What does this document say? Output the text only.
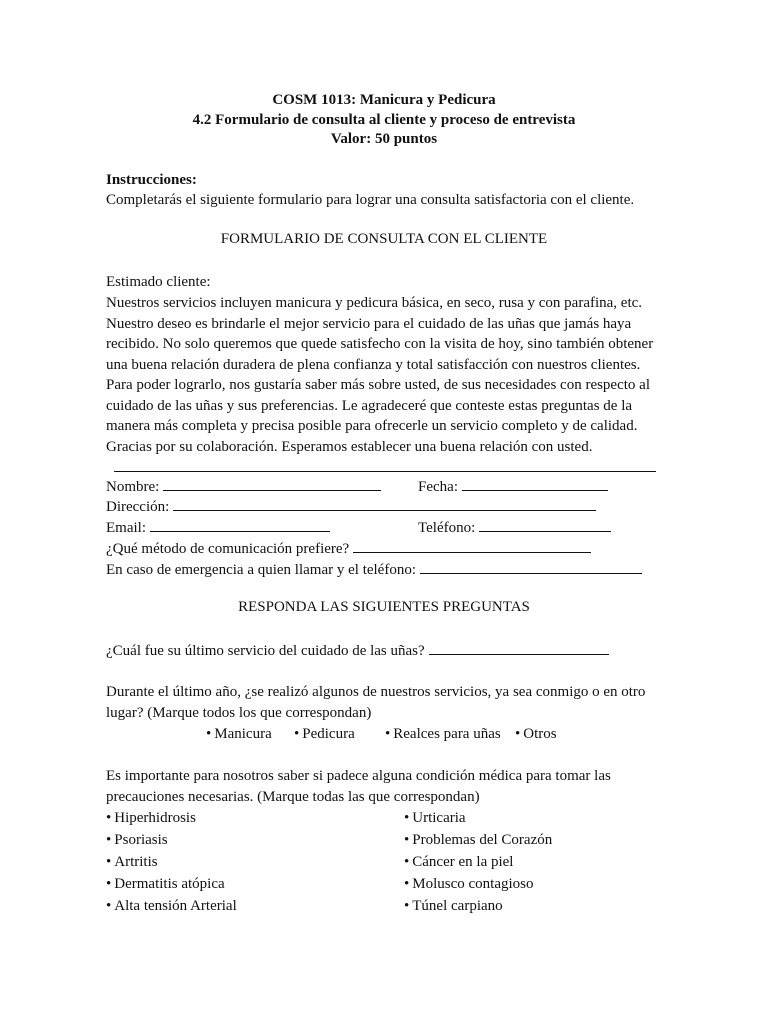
COSM 1013: Manicura y Pedicura
4.2 Formulario de consulta al cliente y proceso de entrevista
Valor: 50 puntos
Instrucciones:
Completarás el siguiente formulario para lograr una consulta satisfactoria con el cliente.
FORMULARIO DE CONSULTA CON EL CLIENTE
Estimado cliente:
Nuestros servicios incluyen manicura y pedicura básica, en seco, rusa y con parafina, etc.
Nuestro deseo es brindarle el mejor servicio para el cuidado de las uñas que jamás haya
recibido. No solo queremos que quede satisfecho con la visita de hoy, sino también obtener
una buena relación duradera de plena confianza y total satisfacción con nuestros clientes.
Para poder lograrlo, nos gustaría saber más sobre usted, de sus necesidades con respecto al
cuidado de las uñas y sus preferencias. Le agradeceré que conteste estas preguntas de la
manera más completa y precisa posible para ofrecerle un servicio completo y de calidad.
Gracias por su colaboración. Esperamos establecer una buena relación con usted.
Nombre:	Fecha:
Dirección:
Email:	Teléfono:
¿Qué método de comunicación prefiere?
En caso de emergencia a quien llamar y el teléfono:
RESPONDA LAS SIGUIENTES PREGUNTAS
¿Cuál fue su último servicio del cuidado de las uñas?
Durante el último año, ¿se realizó algunos de nuestros servicios, ya sea conmigo o en otro
lugar? (Marque todos los que correspondan)
• Manicura	• Pedicura	• Realces para uñas	• Otros
Es importante para nosotros saber si padece alguna condición médica para tomar las
precauciones necesarias. (Marque todas las que correspondan)
• Hiperhidrosis
• Psoriasis
• Artritis
• Dermatitis atópica
• Alta tensión Arterial
• Urticaria
• Problemas del Corazón
• Cáncer en la piel
• Molusco contagioso
• Túnel carpiano
